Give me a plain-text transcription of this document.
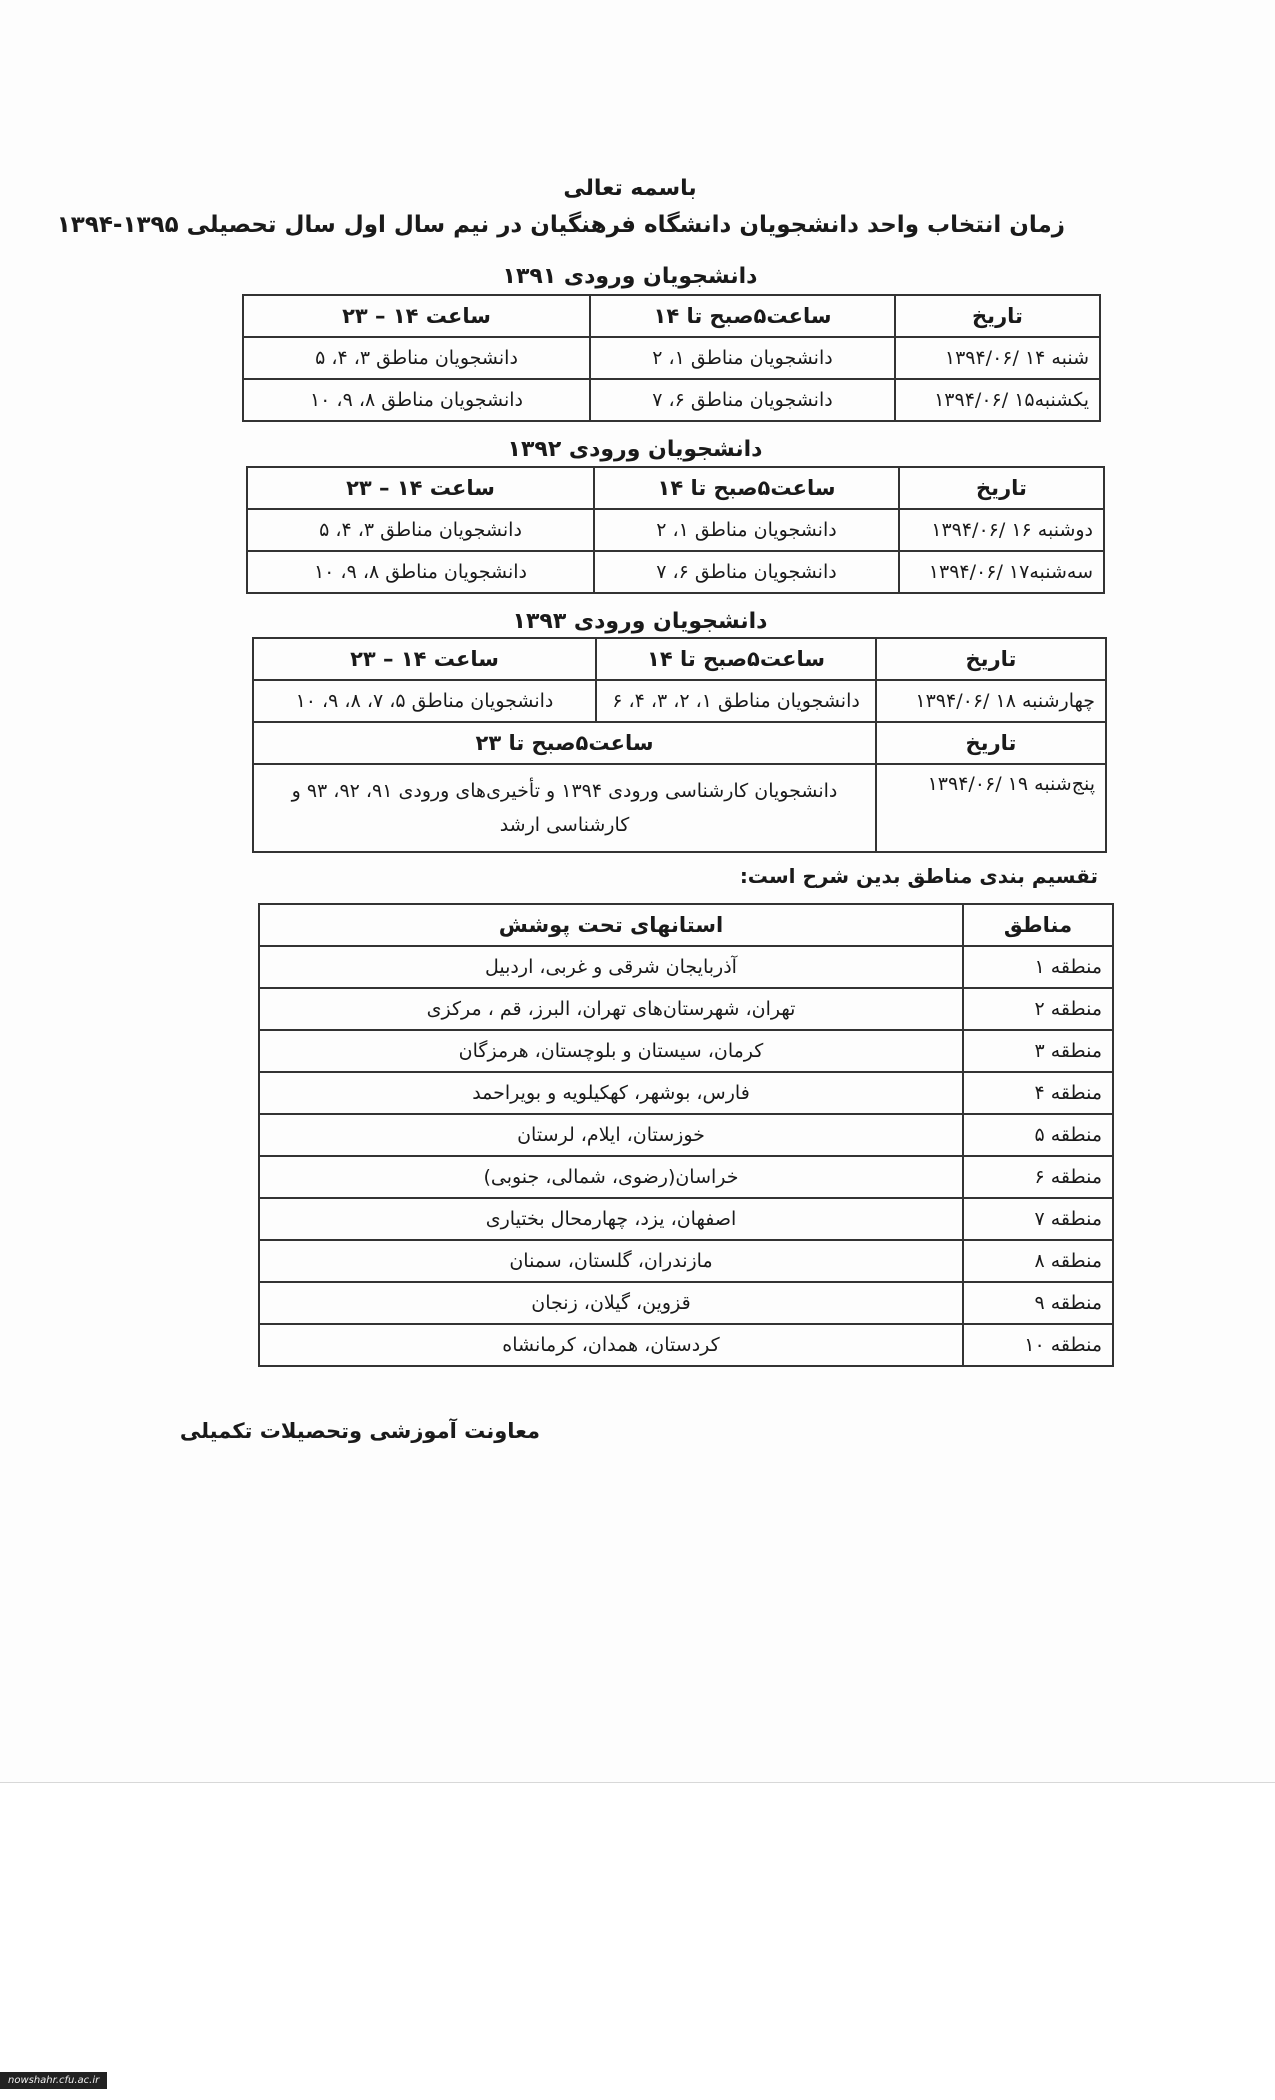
باسمه تعالی
زمان انتخاب واحد دانشجویان دانشگاه فرهنگیان در نیم سال اول سال تحصیلی ۱۳۹۵-۱۳۹۴
دانشجویان ورودی ۱۳۹۱
تاریخ	ساعت۵صبح تا ۱۴	ساعت ۱۴ – ۲۳
شنبه ۱۴ /۱۳۹۴/۰۶	دانشجویان مناطق ۱، ۲	دانشجویان مناطق ۳، ۴، ۵
یکشنبه۱۵ /۱۳۹۴/۰۶	دانشجویان مناطق ۶، ۷	دانشجویان مناطق ۸، ۹، ۱۰
دانشجویان ورودی ۱۳۹۲
تاریخ	ساعت۵صبح تا ۱۴	ساعت ۱۴ – ۲۳
دوشنبه ۱۶ /۱۳۹۴/۰۶	دانشجویان مناطق ۱، ۲	دانشجویان مناطق ۳، ۴، ۵
سه‌شنبه۱۷ /۱۳۹۴/۰۶	دانشجویان مناطق ۶، ۷	دانشجویان مناطق ۸، ۹، ۱۰
دانشجویان ورودی ۱۳۹۳
تاریخ	ساعت۵صبح تا ۱۴	ساعت ۱۴ – ۲۳
چهارشنبه ۱۸ /۱۳۹۴/۰۶	دانشجویان مناطق ۱، ۲، ۳، ۴، ۶	دانشجویان مناطق ۵، ۷، ۸، ۹، ۱۰
تاریخ	ساعت۵صبح تا ۲۳	
پنج‌شنبه ۱۹ /۱۳۹۴/۰۶	دانشجویان کارشناسی ورودی ۱۳۹۴ و تأخیری‌های ورودی ۹۱، ۹۲، ۹۳ و کارشناسی ارشد	
تقسیم بندی مناطق بدین شرح است:
مناطق	استانهای تحت پوشش
منطقه ۱	آذربایجان شرقی و غربی، اردبیل
منطقه ۲	تهران، شهرستان‌های تهران، البرز، قم ، مرکزی
منطقه ۳	کرمان، سیستان و بلوچستان، هرمزگان
منطقه ۴	فارس، بوشهر، کهکیلویه و بویراحمد
منطقه ۵	خوزستان، ایلام، لرستان
منطقه ۶	خراسان(رضوی، شمالی، جنوبی)
منطقه ۷	اصفهان، یزد، چهارمحال بختیاری
منطقه ۸	مازندران، گلستان، سمنان
منطقه ۹	قزوین، گیلان، زنجان
منطقه ۱۰	کردستان، همدان، کرمانشاه
معاونت آموزشی وتحصیلات تکمیلی
nowshahr.cfu.ac.ir
